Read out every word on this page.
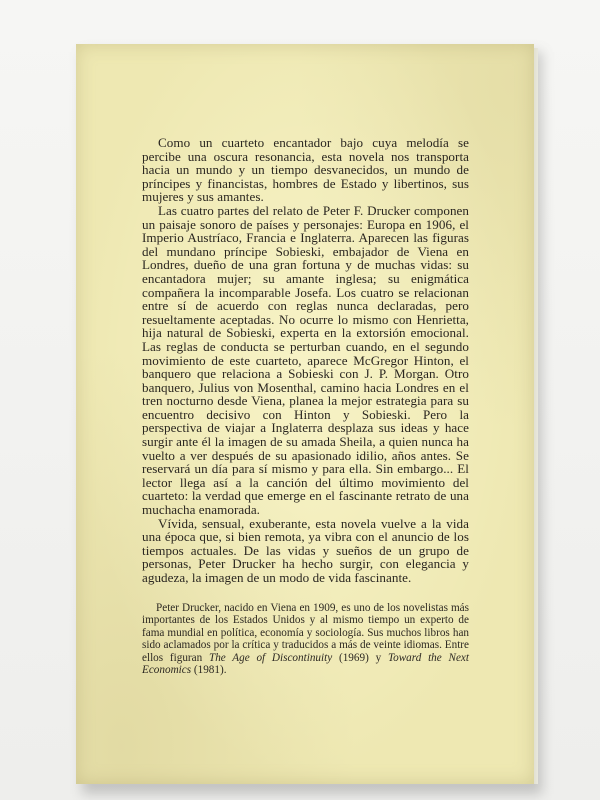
Como un cuarteto encantador bajo cuya melodía se percibe una oscura resonancia, esta novela nos transporta hacia un mundo y un tiempo desvanecidos, un mundo de príncipes y financistas, hombres de Estado y libertinos, sus mujeres y sus amantes.

Las cuatro partes del relato de Peter F. Drucker componen un paisaje sonoro de países y personajes: Europa en 1906, el Imperio Austríaco, Francia e Inglaterra. Aparecen las figuras del mundano príncipe Sobieski, embajador de Viena en Londres, dueño de una gran fortuna y de muchas vidas: su encantadora mujer; su amante inglesa; su enigmática compañera la incomparable Josefa. Los cuatro se relacionan entre sí de acuerdo con reglas nunca declaradas, pero resueltamente aceptadas. No ocurre lo mismo con Henrietta, hija natural de Sobieski, experta en la extorsión emocional. Las reglas de conducta se perturban cuando, en el segundo movimiento de este cuarteto, aparece McGregor Hinton, el banquero que relaciona a Sobieski con J. P. Morgan. Otro banquero, Julius von Mosenthal, camino hacia Londres en el tren nocturno desde Viena, planea la mejor estrategia para su encuentro decisivo con Hinton y Sobieski. Pero la perspectiva de viajar a Inglaterra desplaza sus ideas y hace surgir ante él la imagen de su amada Sheila, a quien nunca ha vuelto a ver después de su apasionado idilio, años antes. Se reservará un día para sí mismo y para ella. Sin embargo... El lector llega así a la canción del último movimiento del cuarteto: la verdad que emerge en el fascinante retrato de una muchacha enamorada.

Vívida, sensual, exuberante, esta novela vuelve a la vida una época que, si bien remota, ya vibra con el anuncio de los tiempos actuales. De las vidas y sueños de un grupo de personas, Peter Drucker ha hecho surgir, con elegancia y agudeza, la imagen de un modo de vida fascinante.

Peter Drucker, nacido en Viena en 1909, es uno de los novelistas más importantes de los Estados Unidos y al mismo tiempo un experto de fama mundial en política, economía y sociología. Sus muchos libros han sido aclamados por la crítica y traducidos a más de veinte idiomas. Entre ellos figuran The Age of Discontinuity (1969) y Toward the Next Economics (1981).
